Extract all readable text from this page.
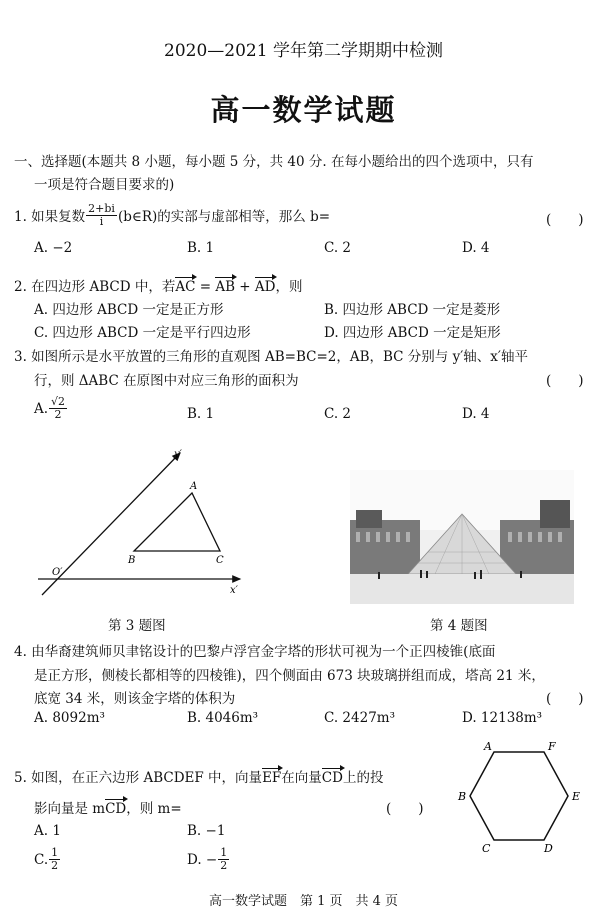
2020—2021 学年第二学期期中检测
高一数学试题
一、选择题(本题共 8 小题，每小题 5 分，共 40 分. 在每小题给出的四个选项中，只有
一项是符合题目要求的)
1. 如果复数 $\frac{2+bi}{i}$ (b∈R)的实部与虚部相等，那么 b=	(　　)
A. −2	B. 1	C. 2	D. 4
2. 在四边形 ABCD 中，若AC = AB + AD，则
A. 四边形 ABCD 一定是正方形	B. 四边形 ABCD 一定是菱形
C. 四边形 ABCD 一定是平行四边形	D. 四边形 ABCD 一定是矩形
3. 如图所示是水平放置的三角形的直观图 AB=BC=2，AB，BC 分别与 y′轴、x′轴平
行，则 ΔABC 在原图中对应三角形的面积为	(　　)
A. $\frac{√2}{2}$	B. 1	C. 2	D. 4
y′
x′
O′
A
B	C
第 3 题图	第 4 题图
4. 由华裔建筑师贝聿铭设计的巴黎卢浮宫金字塔的形状可视为一个正四棱锥(底面
是正方形，侧棱长都相等的四棱锥)，四个侧面由 673 块玻璃拼组而成，塔高 21 米，
底宽 34 米，则该金字塔的体积为	(　　)
A. 8092m³	B. 4046m³	C. 2427m³	D. 12138m³
5. 如图，在正六边形 ABCDEF 中，向量EF在向量CD上的投
影向量是 mCD，则 m=	(　　)
A. 1	B. −1
C. $\frac{1}{2}$	D. − $\frac{1}{2}$
A	F
B	E
C	D
高一数学试题　第 1 页　共 4 页
